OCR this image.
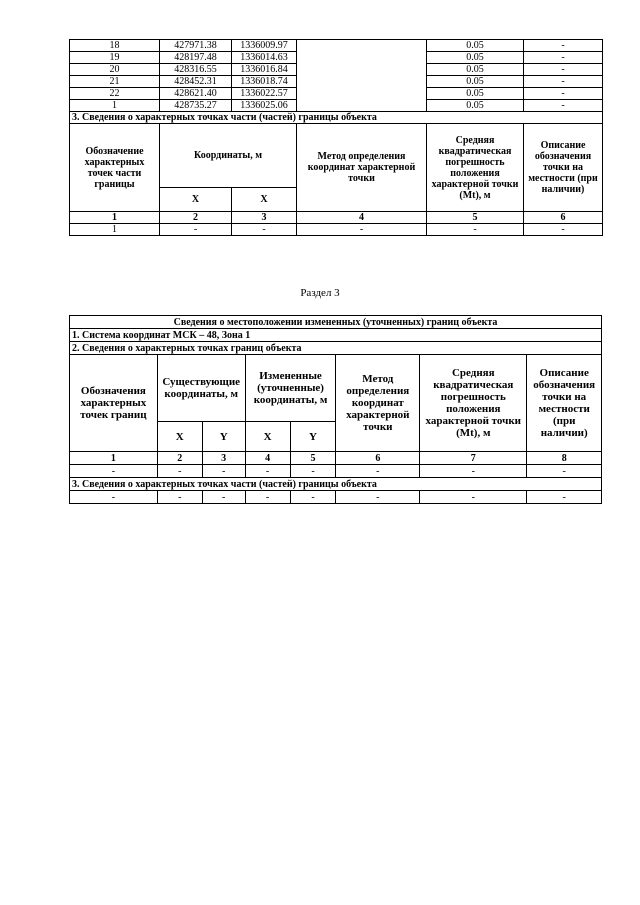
18	427971.38	1336009.97		0.05	-
19	428197.48	1336014.63		0.05	-
20	428316.55	1336016.84		0.05	-
21	428452.31	1336018.74		0.05	-
22	428621.40	1336022.57		0.05	-
1	428735.27	1336025.06		0.05	-
3. Сведения о характерных точках части (частей) границы объекта					
Обозначение характерных точек части границы	Координаты, м		Метод определения координат характерной точки	Средняя квадратическая погрешность положения характерной точки (Mt), м	Описание обозначения точки на местности (при наличии)
	X	X			
1	2	3	4	5	6
1	-	-	-	-	-
Раздел 3
Сведения о местоположении измененных (уточненных) границ объекта							
1. Система координат МСК – 48, Зона 1							
2. Сведения о характерных точках границ объекта							
Обозначения характерных точек границ	Существующие координаты, м		Измененные (уточненные) координаты, м		Метод определения координат характерной точки	Средняя квадратическая погрешность положения характерной точки (Mt), м	Описание обозначения точки на местности (при наличии)
	X	Y	X	Y			
1	2	3	4	5	6	7	8
-	-	-	-	-	-	-	-
3. Сведения о характерных точках части (частей) границы объекта							
-	-	-	-	-	-	-	-
